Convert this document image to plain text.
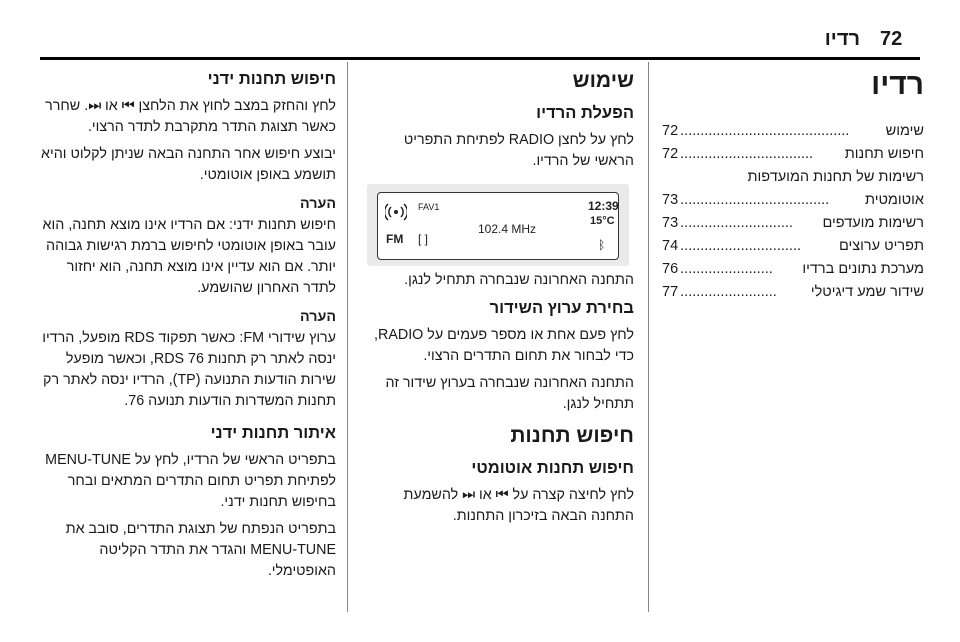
72
רדיו
רדיו
שימוש
..........................................
72
חיפוש תחנות
.................................
72
רשימות של תחנות המועדפות
אוטומטית
.....................................
73
רשימות מועדפים
............................
73
תפריט ערוצים
..............................
74
מערכת נתונים ברדיו
.......................
76
שידור שמע דיגיטלי
........................
77
שימוש
הפעלת הרדיו

לחץ על לחצן RADIO לפתיחת התפריט הראשי של הרדיו.

FAV1	12:39
15°C
102.4 MHz
FM [ ]	ᛒ

התחנה האחרונה שנבחרה תתחיל לנגן.

בחירת ערוץ השידור

לחץ פעם אחת או מספר פעמים על RADIO, כדי לבחור את תחום התדרים הרצוי.

התחנה האחרונה שנבחרה בערוץ שידור זה תתחיל לנגן.

חיפוש תחנות
חיפוש תחנות אוטומטי

לחץ לחיצה קצרה על ⏮︎ או ⏭︎ להשמעת התחנה הבאה בזיכרון התחנות.

חיפוש תחנות ידני

לחץ והחזק במצב לחוץ את הלחצן ⏮︎ או ⏭︎. שחרר כאשר תצוגת התדר מתקרבת לתדר הרצוי.

יבוצע חיפוש אחר התחנה הבאה שניתן לקלוט והיא תושמע באופן אוטומטי.

הערה

חיפוש תחנות ידני: אם הרדיו אינו מוצא תחנה, הוא עובר באופן אוטומטי לחיפוש ברמת רגישות גבוהה יותר. אם הוא עדיין אינו מוצא תחנה, הוא יחזור לתדר האחרון שהושמע.

הערה

ערוץ שידורי FM: כאשר תפקוד RDS מופעל, הרדיו ינסה לאתר רק תחנות RDS 76, וכאשר מופעל שירות הודעות התנועה (TP), הרדיו ינסה לאתר רק תחנות המשדרות הודעות תנועה 76.

איתור תחנות ידני

בתפריט הראשי של הרדיו, לחץ על MENU-TUNE לפתיחת תפריט תחום התדרים המתאים ובחר בחיפוש תחנות ידני.

בתפריט הנפתח של תצוגת התדרים, סובב את MENU-TUNE והגדר את התדר הקליטה האופטימלי.
